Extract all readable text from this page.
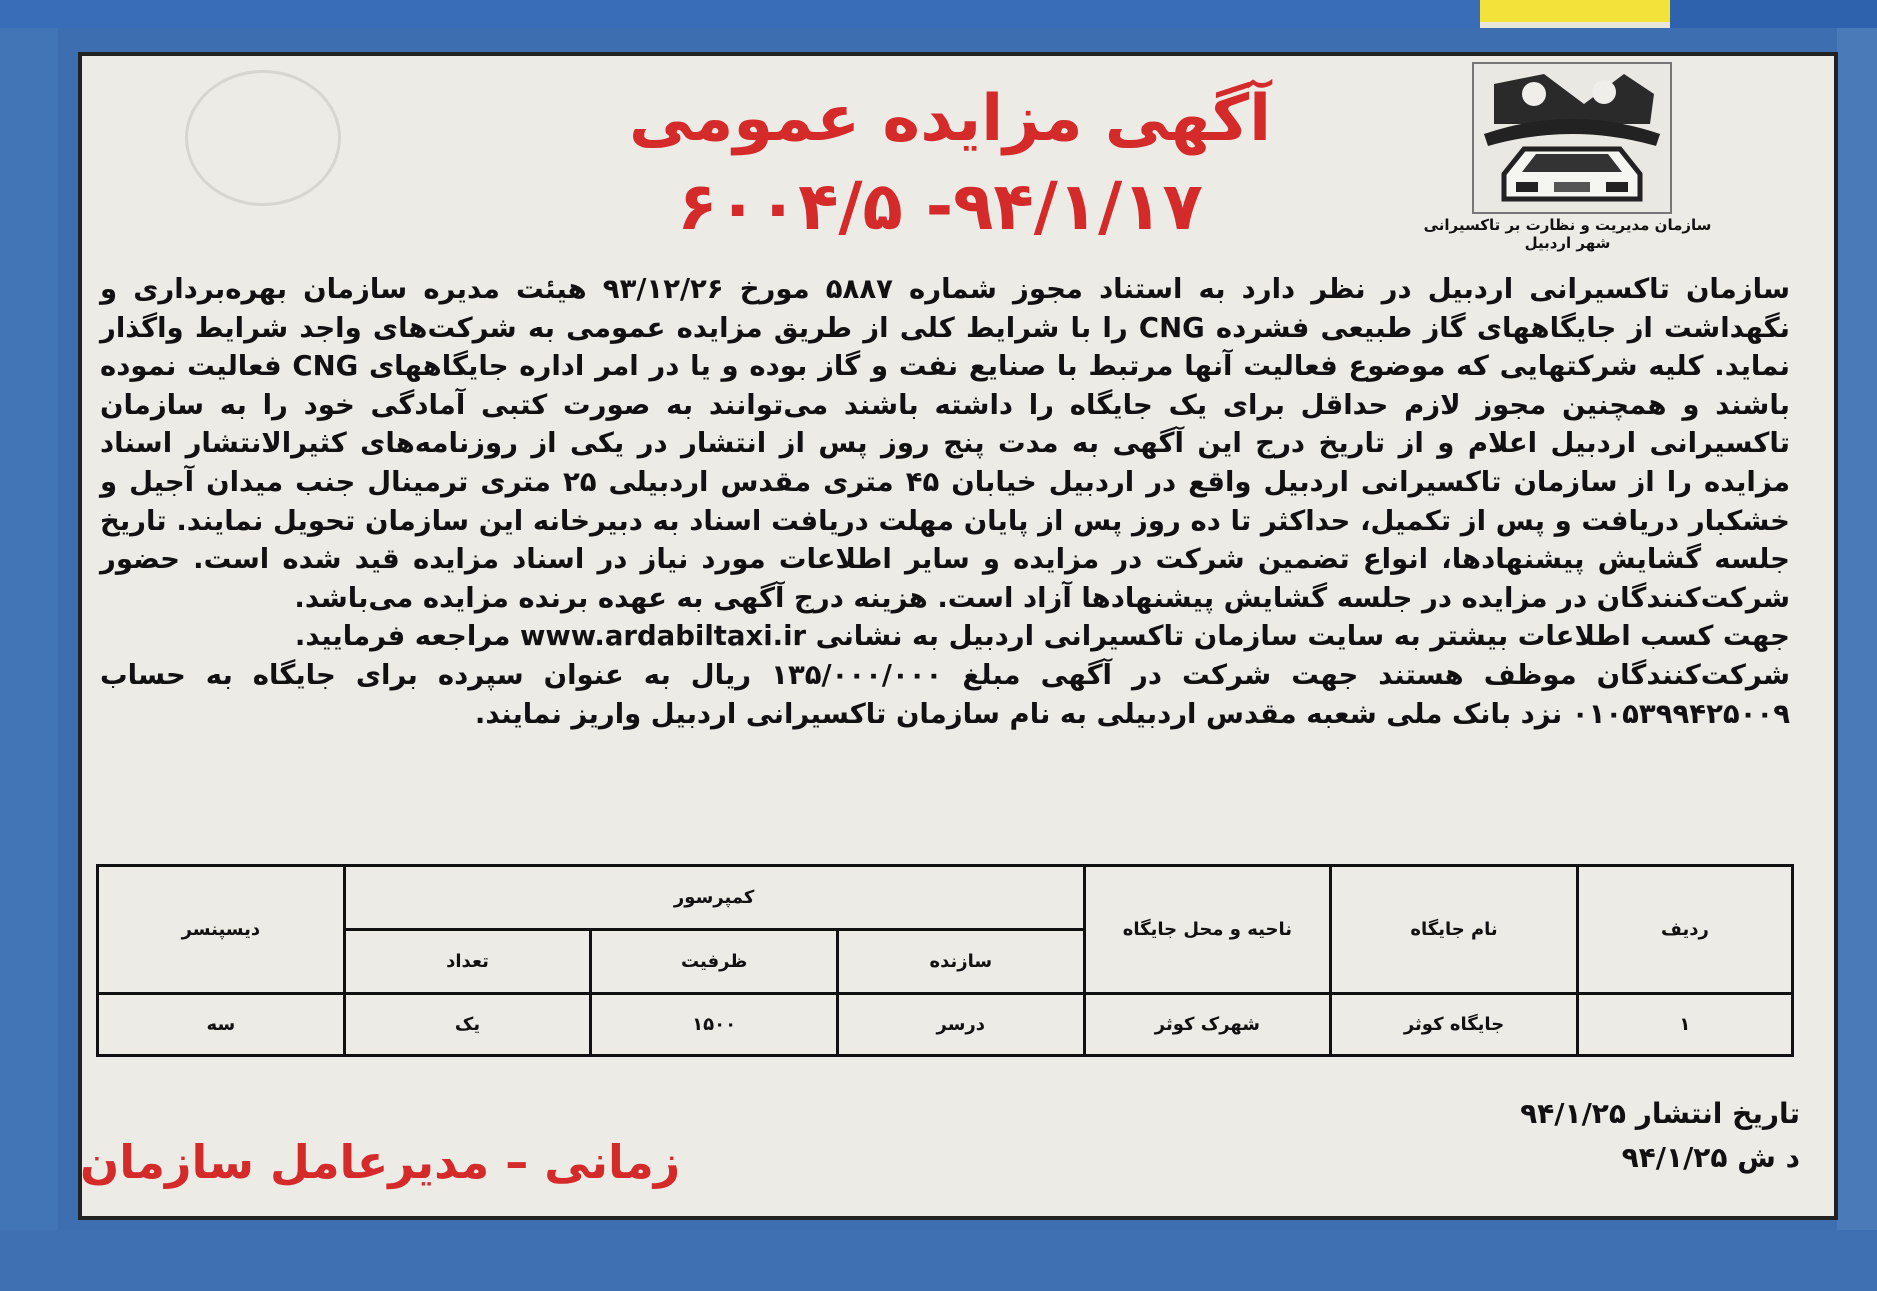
سازمان مدیریت و نظارت بر تاکسیرانی شهر اردبیل
آگهی مزایده عمومی
۶۰۰۴/۵ -۹۴/۱/۱۷

سازمان تاکسیرانی اردبیل در نظر دارد به استناد مجوز شماره ۵۸۸۷ مورخ ۹۳/۱۲/۲۶ هیئت مدیره سازمان بهره‌برداری و نگهداشت از جایگاههای گاز طبیعی فشرده CNG را با شرایط کلی از طریق مزایده عمومی به شرکت‌های واجد شرایط واگذار نماید. کلیه شرکتهایی که موضوع فعالیت آنها مرتبط با صنایع نفت و گاز بوده و یا در امر اداره جایگاههای CNG فعالیت نموده باشند و همچنین مجوز لازم حداقل برای یک جایگاه را داشته باشند می‌توانند به صورت کتبی آمادگی خود را به سازمان تاکسیرانی اردبیل اعلام و از تاریخ درج این آگهی به مدت پنج روز پس از انتشار در یکی از روزنامه‌های کثیرالانتشار اسناد مزایده را از سازمان تاکسیرانی اردبیل واقع در اردبیل خیابان ۴۵ متری مقدس اردبیلی ۲۵ متری ترمینال جنب میدان آجیل و خشکبار دریافت و پس از تکمیل، حداکثر تا ده روز پس از پایان مهلت دریافت اسناد به دبیرخانه این سازمان تحویل نمایند. تاریخ جلسه گشایش پیشنهادها، انواع تضمین شرکت در مزایده و سایر اطلاعات مورد نیاز در اسناد مزایده قید شده است. حضور شرکت‌کنندگان در مزایده در جلسه گشایش پیشنهادها آزاد است. هزینه درج آگهی به عهده برنده مزایده می‌باشد.

جهت کسب اطلاعات بیشتر به سایت سازمان تاکسیرانی اردبیل به نشانی www.ardabiltaxi.ir مراجعه فرمایید.

شرکت‌کنندگان موظف هستند جهت شرکت در آگهی مبلغ ۱۳۵/۰۰۰/۰۰۰ ریال به عنوان سپرده برای جایگاه به حساب ۰۱۰۵۳۹۹۴۲۵۰۰۹ نزد بانک ملی شعبه مقدس اردبیلی به نام سازمان تاکسیرانی اردبیل واریز نمایند.

ردیف	نام جایگاه	ناحیه و محل جایگاه	کمپرسور			دیسپنسر
			سازنده	ظرفیت	تعداد	
۱	جایگاه کوثر	شهرک کوثر	درسر	۱۵۰۰	یک	سه
تاریخ انتشار ۹۴/۱/۲۵
د ش ۹۴/۱/۲۵
زمانی – مدیرعامل سازمان
